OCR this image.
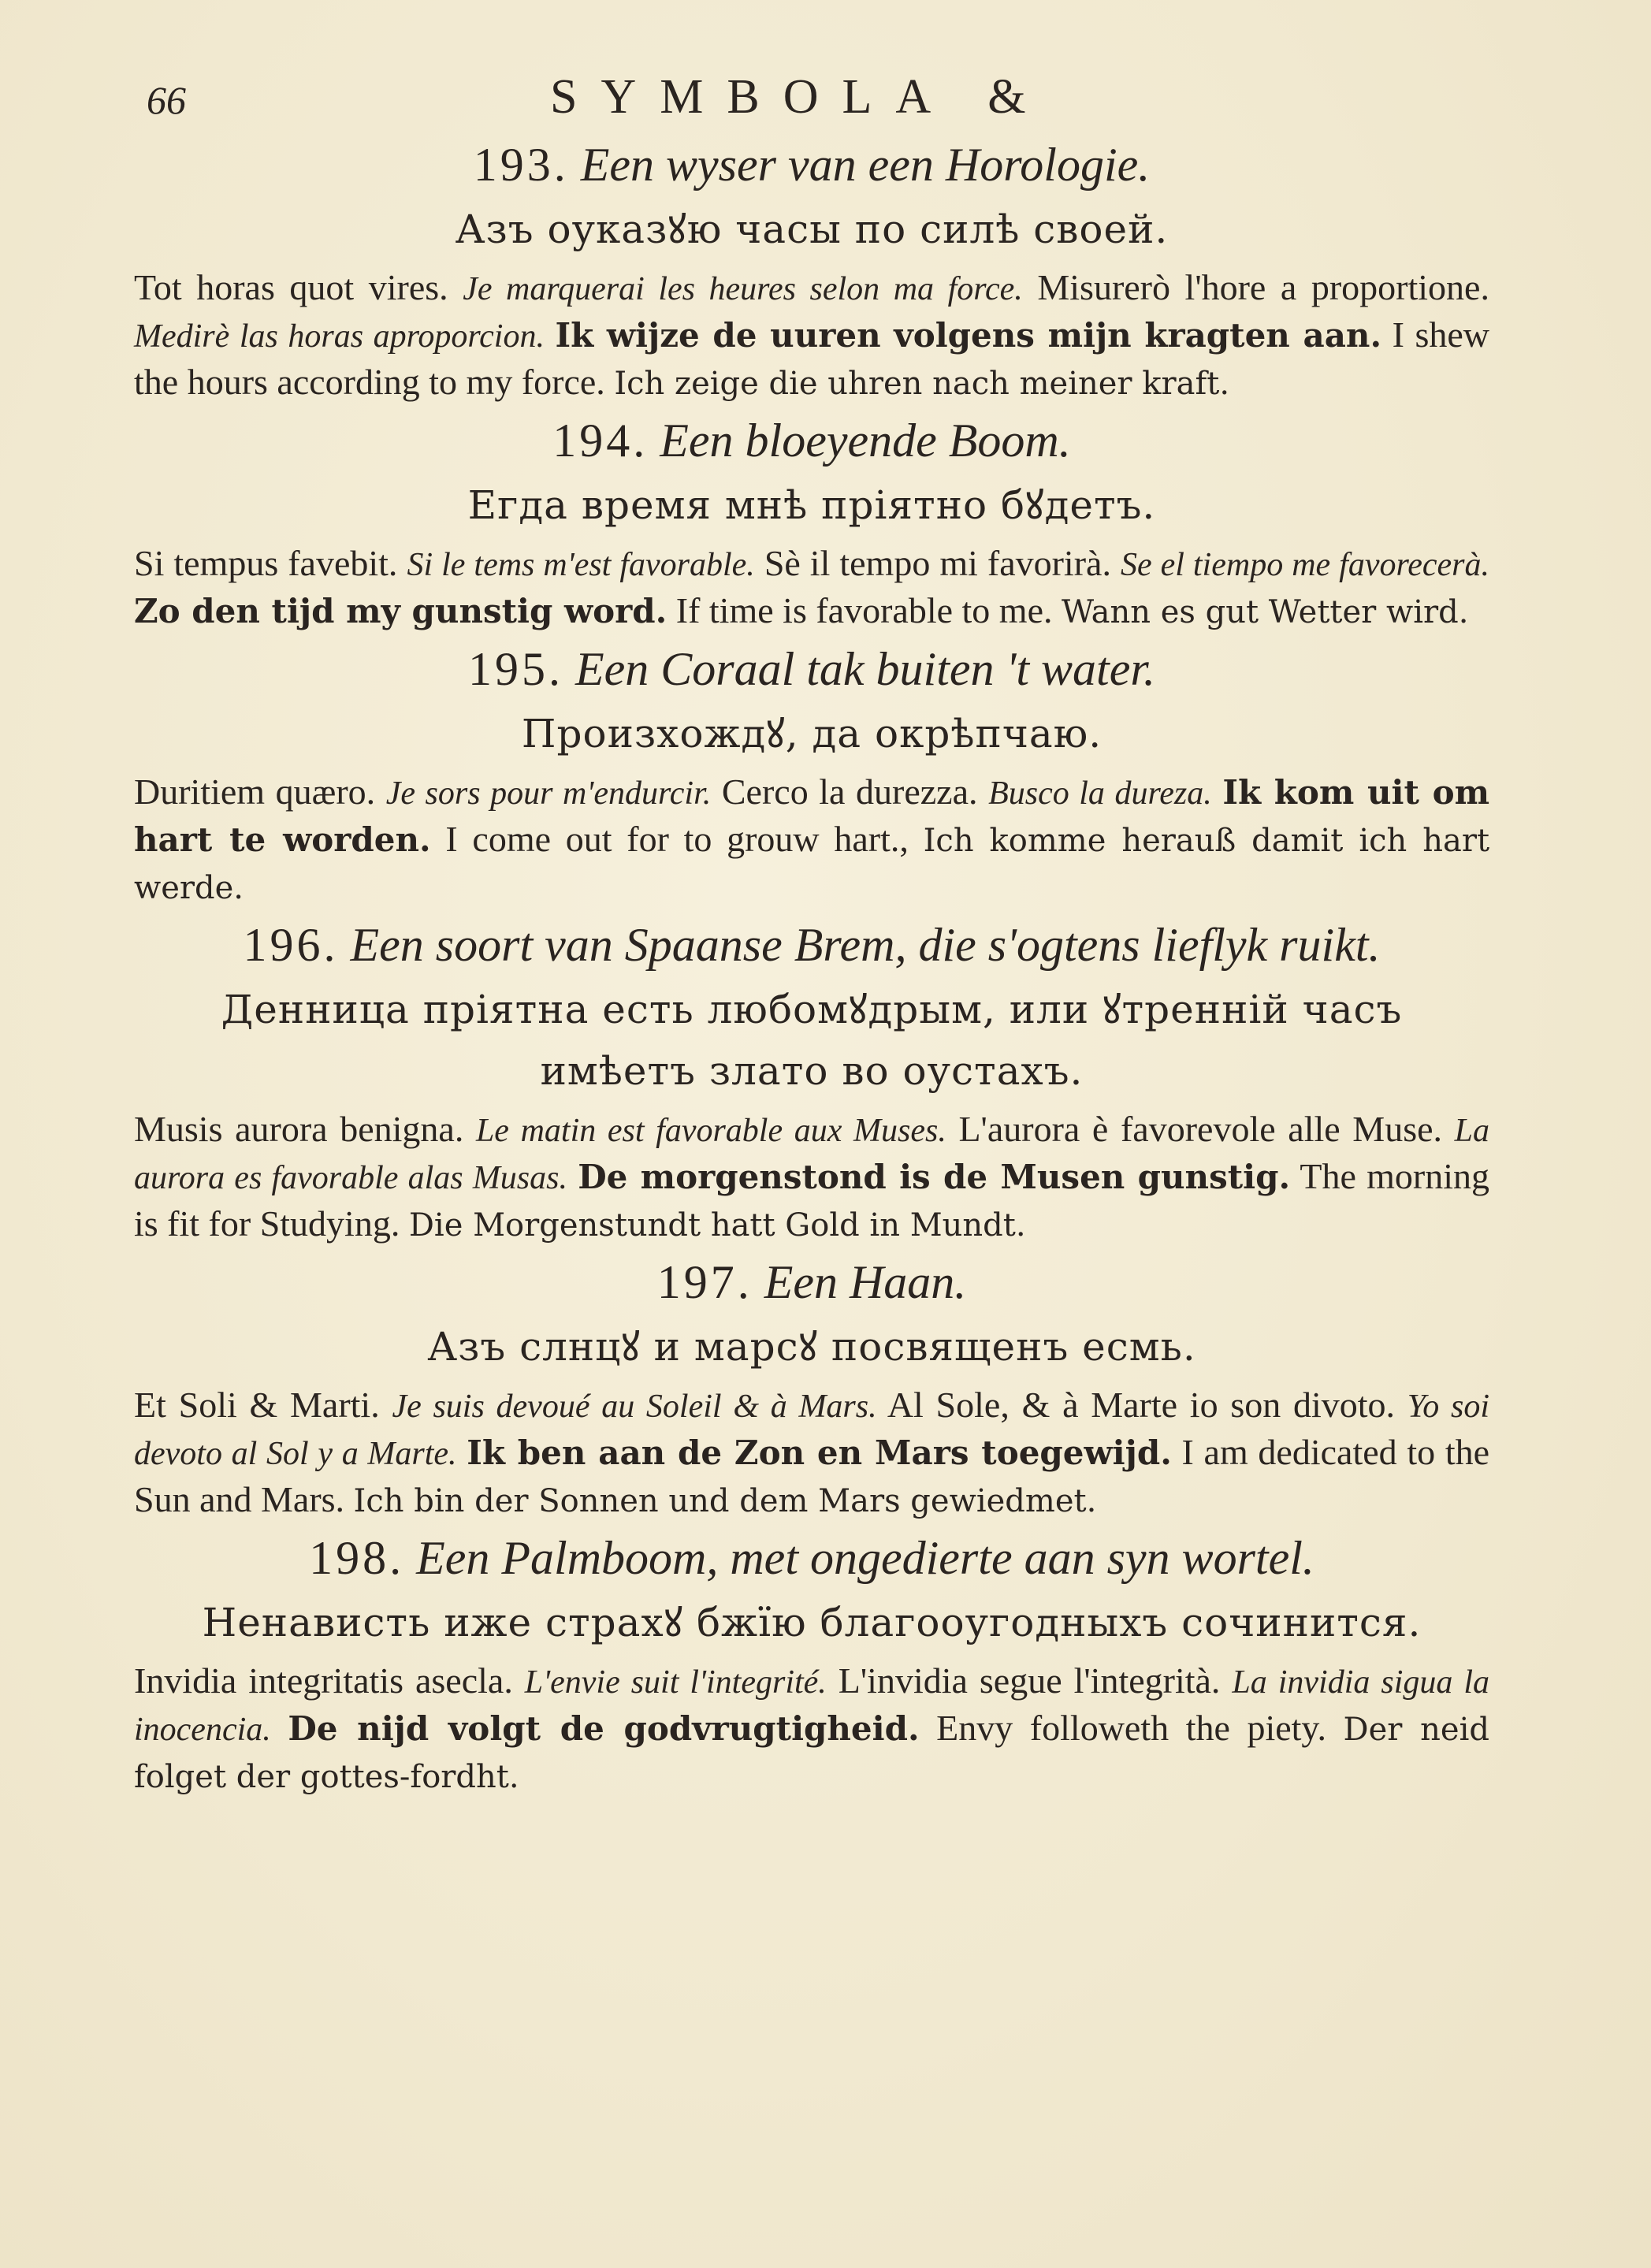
66	SYMBOLA &
193. Een wyser van een Horologie.
Азъ оуказꙋю часы по силѣ своей.

Tot horas quot vires. Je marquerai les heures selon ma force. Misurerò l'hore a proportione. Medirè las horas aproporcion. Ik wijze de uuren volgens mijn kragten aan. I shew the hours according to my force. Ich zeige die uhren nach meiner kraft.

194. Een bloeyende Boom.
Егда время мнѣ пріятно бꙋдетъ.

Si tempus favebit. Si le tems m'est favorable. Sè il tempo mi favorirà. Se el tiempo me favorecerà. Zo den tijd my gunstig word. If time is favorable to me. Wann es gut Wetter wird.

195. Een Coraal tak buiten 't water.
Произхождꙋ, да окрѣпчаю.

Duritiem quæro. Je sors pour m'endurcir. Cerco la durezza. Busco la dureza. Ik kom uit om hart te worden. I come out for to grouw hart., Ich komme herauß damit ich hart werde.

196. Een soort van Spaanse Brem, die s'ogtens lieflyk ruikt.
Денница пріятна есть любомꙋдрым, или ꙋтренній часъ
имѣетъ злато во оустахъ.

Musis aurora benigna. Le matin est favorable aux Muses. L'aurora è favorevole alle Muse. La aurora es favorable alas Musas. De morgenstond is de Musen gunstig. The morning is fit for Studying. Die Morgenstundt hatt Gold in Mundt.

197. Een Haan.
Азъ слнцꙋ и марсꙋ посвященъ есмь.

Et Soli & Marti. Je suis devoué au Soleil & à Mars. Al Sole, & à Marte io son divoto. Yo soi devoto al Sol y a Marte. Ik ben aan de Zon en Mars toegewijd. I am dedicated to the Sun and Mars. Ich bin der Sonnen und dem Mars gewiedmet.

198. Een Palmboom, met ongedierte aan syn wortel.
Ненависть иже страхꙋ бжїю благооугодныхъ сочинится.

Invidia integritatis asecla. L'envie suit l'integrité. L'invidia segue l'integrità. La invidia sigua la inocencia. De nijd volgt de godvrugtigheid. Envy followeth the piety. Der neid folget der gottes-fordht.
